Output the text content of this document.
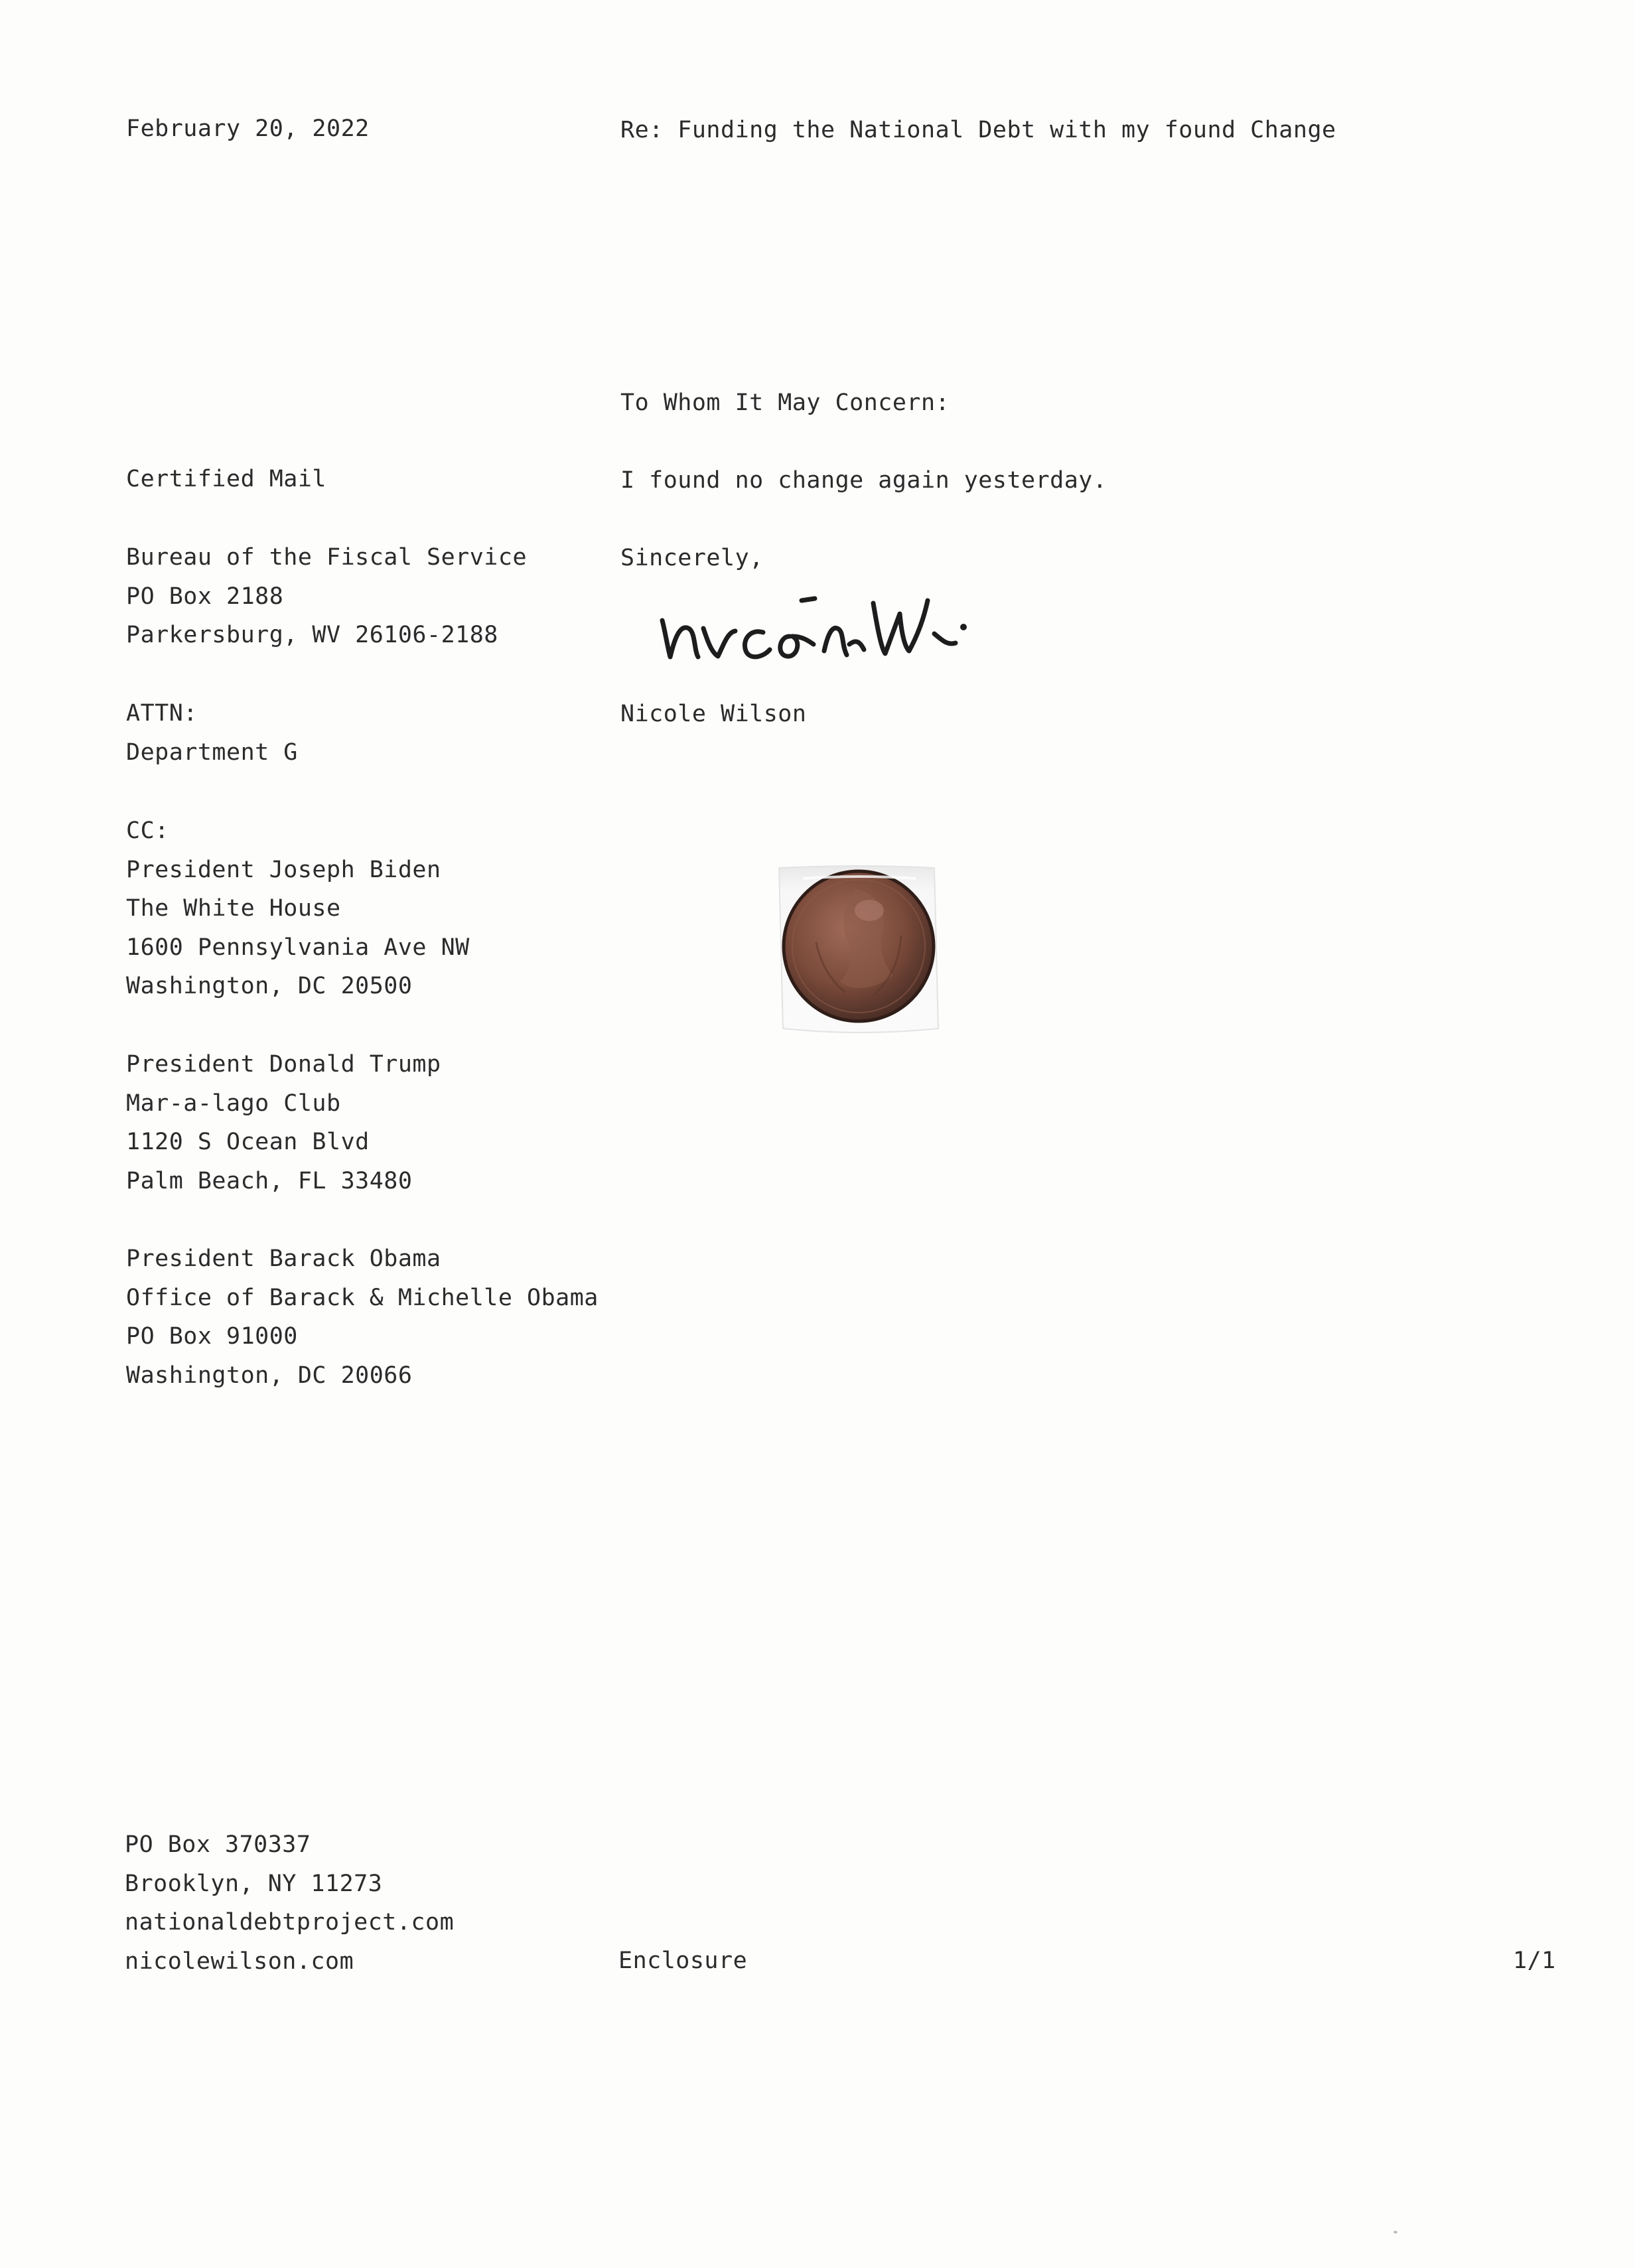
February 20, 2022	Re: Funding the National Debt with my found Change
To Whom It May Concern:
I found no change again yesterday.
Sincerely,
Nicole Wilson
Certified Mail
Bureau of the Fiscal Service
PO Box 2188
Parkersburg, WV 26106-2188
ATTN:
Department G
CC:
President Joseph Biden
The White House
1600 Pennsylvania Ave NW
Washington, DC 20500
President Donald Trump
Mar-a-lago Club
1120 S Ocean Blvd
Palm Beach, FL 33480
President Barack Obama
Office of Barack & Michelle Obama
PO Box 91000
Washington, DC 20066
PO Box 370337
Brooklyn, NY 11273
nationaldebtproject.com
nicolewilson.com	Enclosure	1/1
